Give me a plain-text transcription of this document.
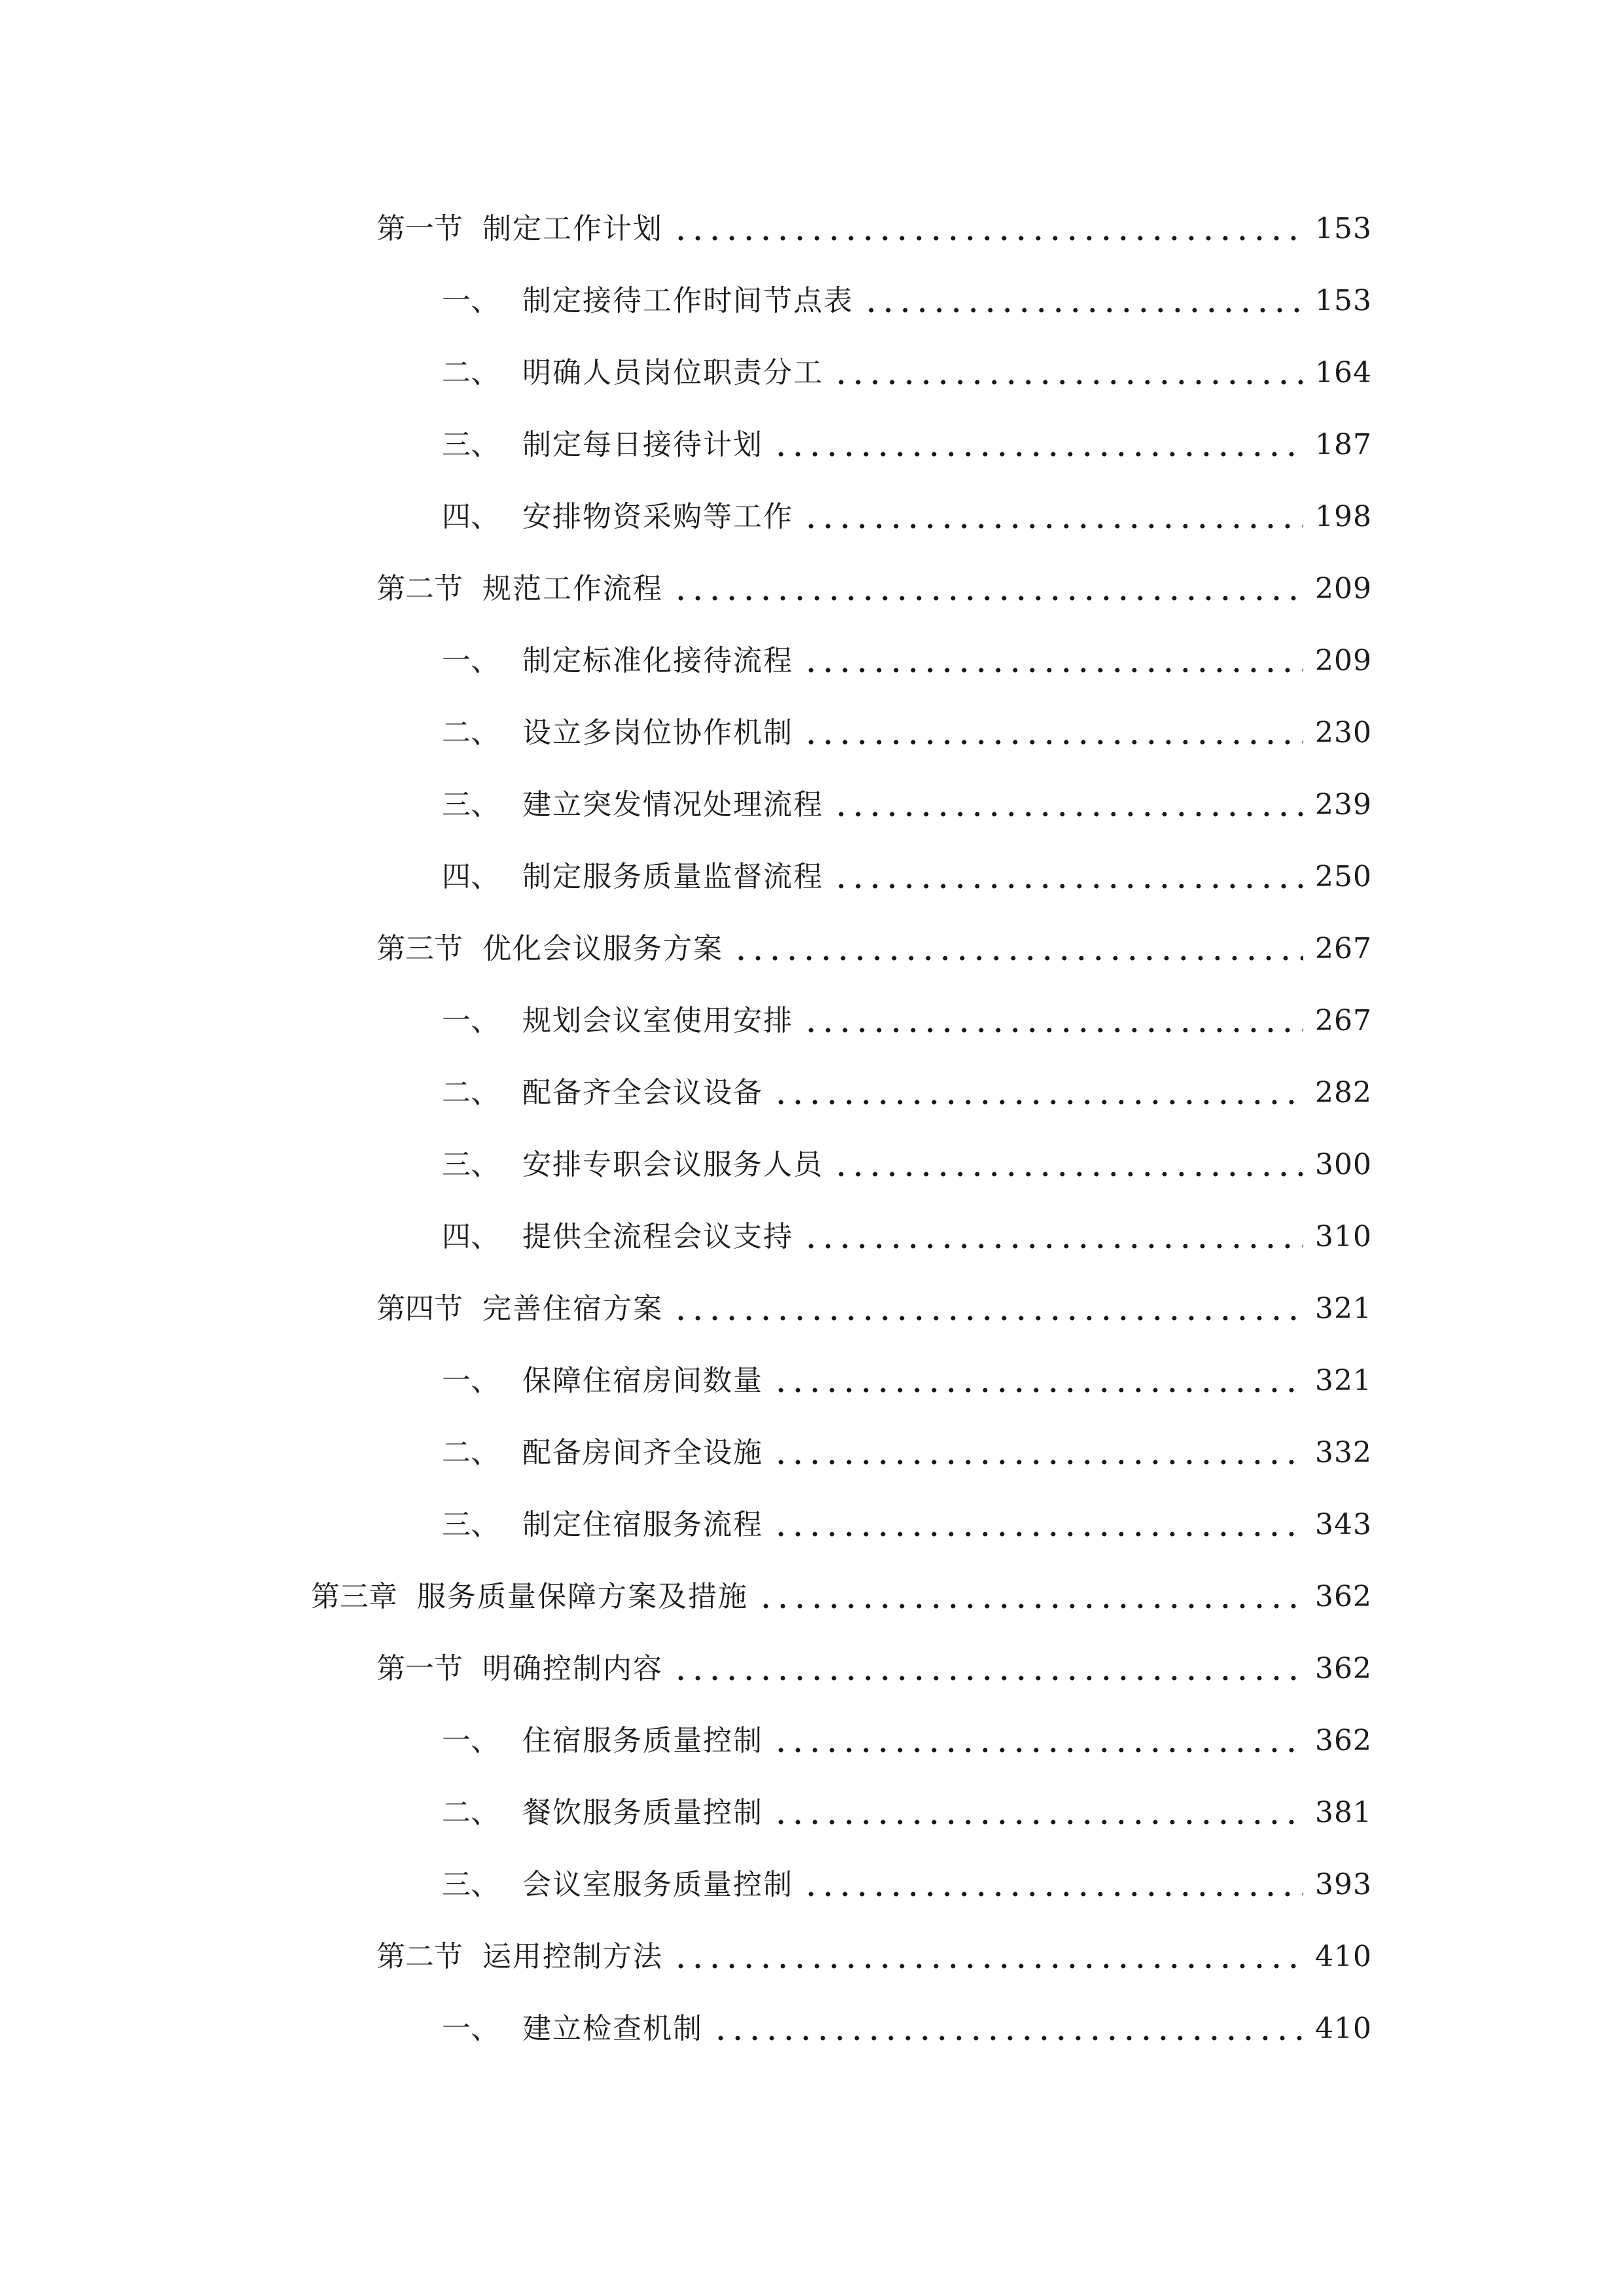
第一节 制定工作计划	153
一、 制定接待工作时间节点表	153
二、 明确人员岗位职责分工	164
三、 制定每日接待计划	187
四、 安排物资采购等工作	198
第二节 规范工作流程	209
一、 制定标准化接待流程	209
二、 设立多岗位协作机制	230
三、 建立突发情况处理流程	239
四、 制定服务质量监督流程	250
第三节 优化会议服务方案	267
一、 规划会议室使用安排	267
二、 配备齐全会议设备	282
三、 安排专职会议服务人员	300
四、 提供全流程会议支持	310
第四节 完善住宿方案	321
一、 保障住宿房间数量	321
二、 配备房间齐全设施	332
三、 制定住宿服务流程	343
第三章 服务质量保障方案及措施	362
第一节 明确控制内容	362
一、 住宿服务质量控制	362
二、 餐饮服务质量控制	381
三、 会议室服务质量控制	393
第二节 运用控制方法	410
一、 建立检查机制	410
